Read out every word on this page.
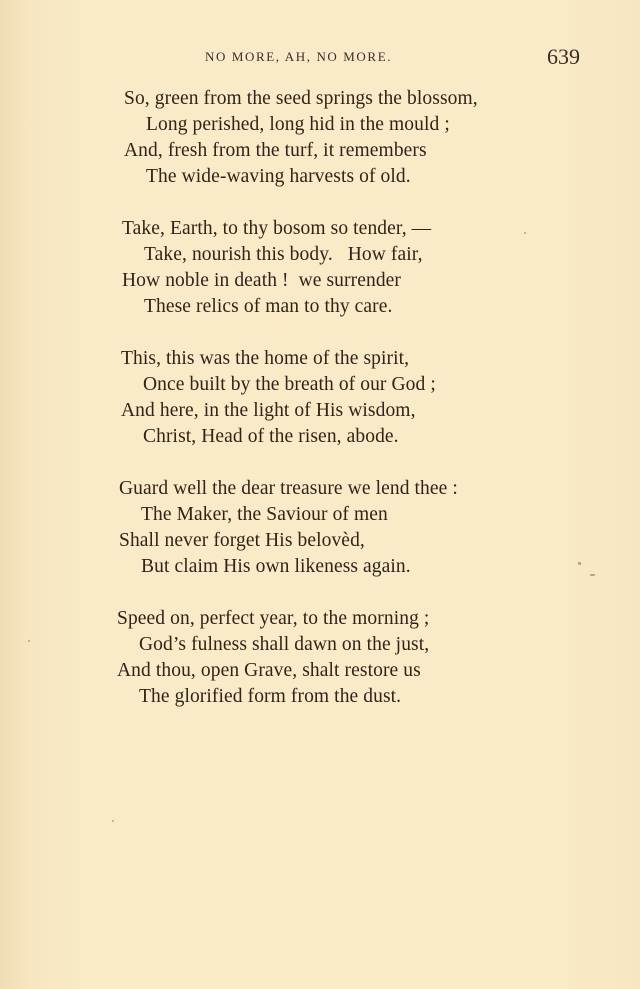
NO MORE, AH, NO MORE.	639
So, green from the seed springs the blossom,
Long perished, long hid in the mould ;
And, fresh from the turf, it remembers
The wide-waving harvests of old.
Take, Earth, to thy bosom so tender, —
Take, nourish this body.   How fair,
How noble in death !  we surrender
These relics of man to thy care.
This, this was the home of the spirit,
Once built by the breath of our God ;
And here, in the light of His wisdom,
Christ, Head of the risen, abode.
Guard well the dear treasure we lend thee :
The Maker, the Saviour of men
Shall never forget His belovèd,
But claim His own likeness again.
Speed on, perfect year, to the morning ;
God’s fulness shall dawn on the just,
And thou, open Grave, shalt restore us
The glorified form from the dust.
